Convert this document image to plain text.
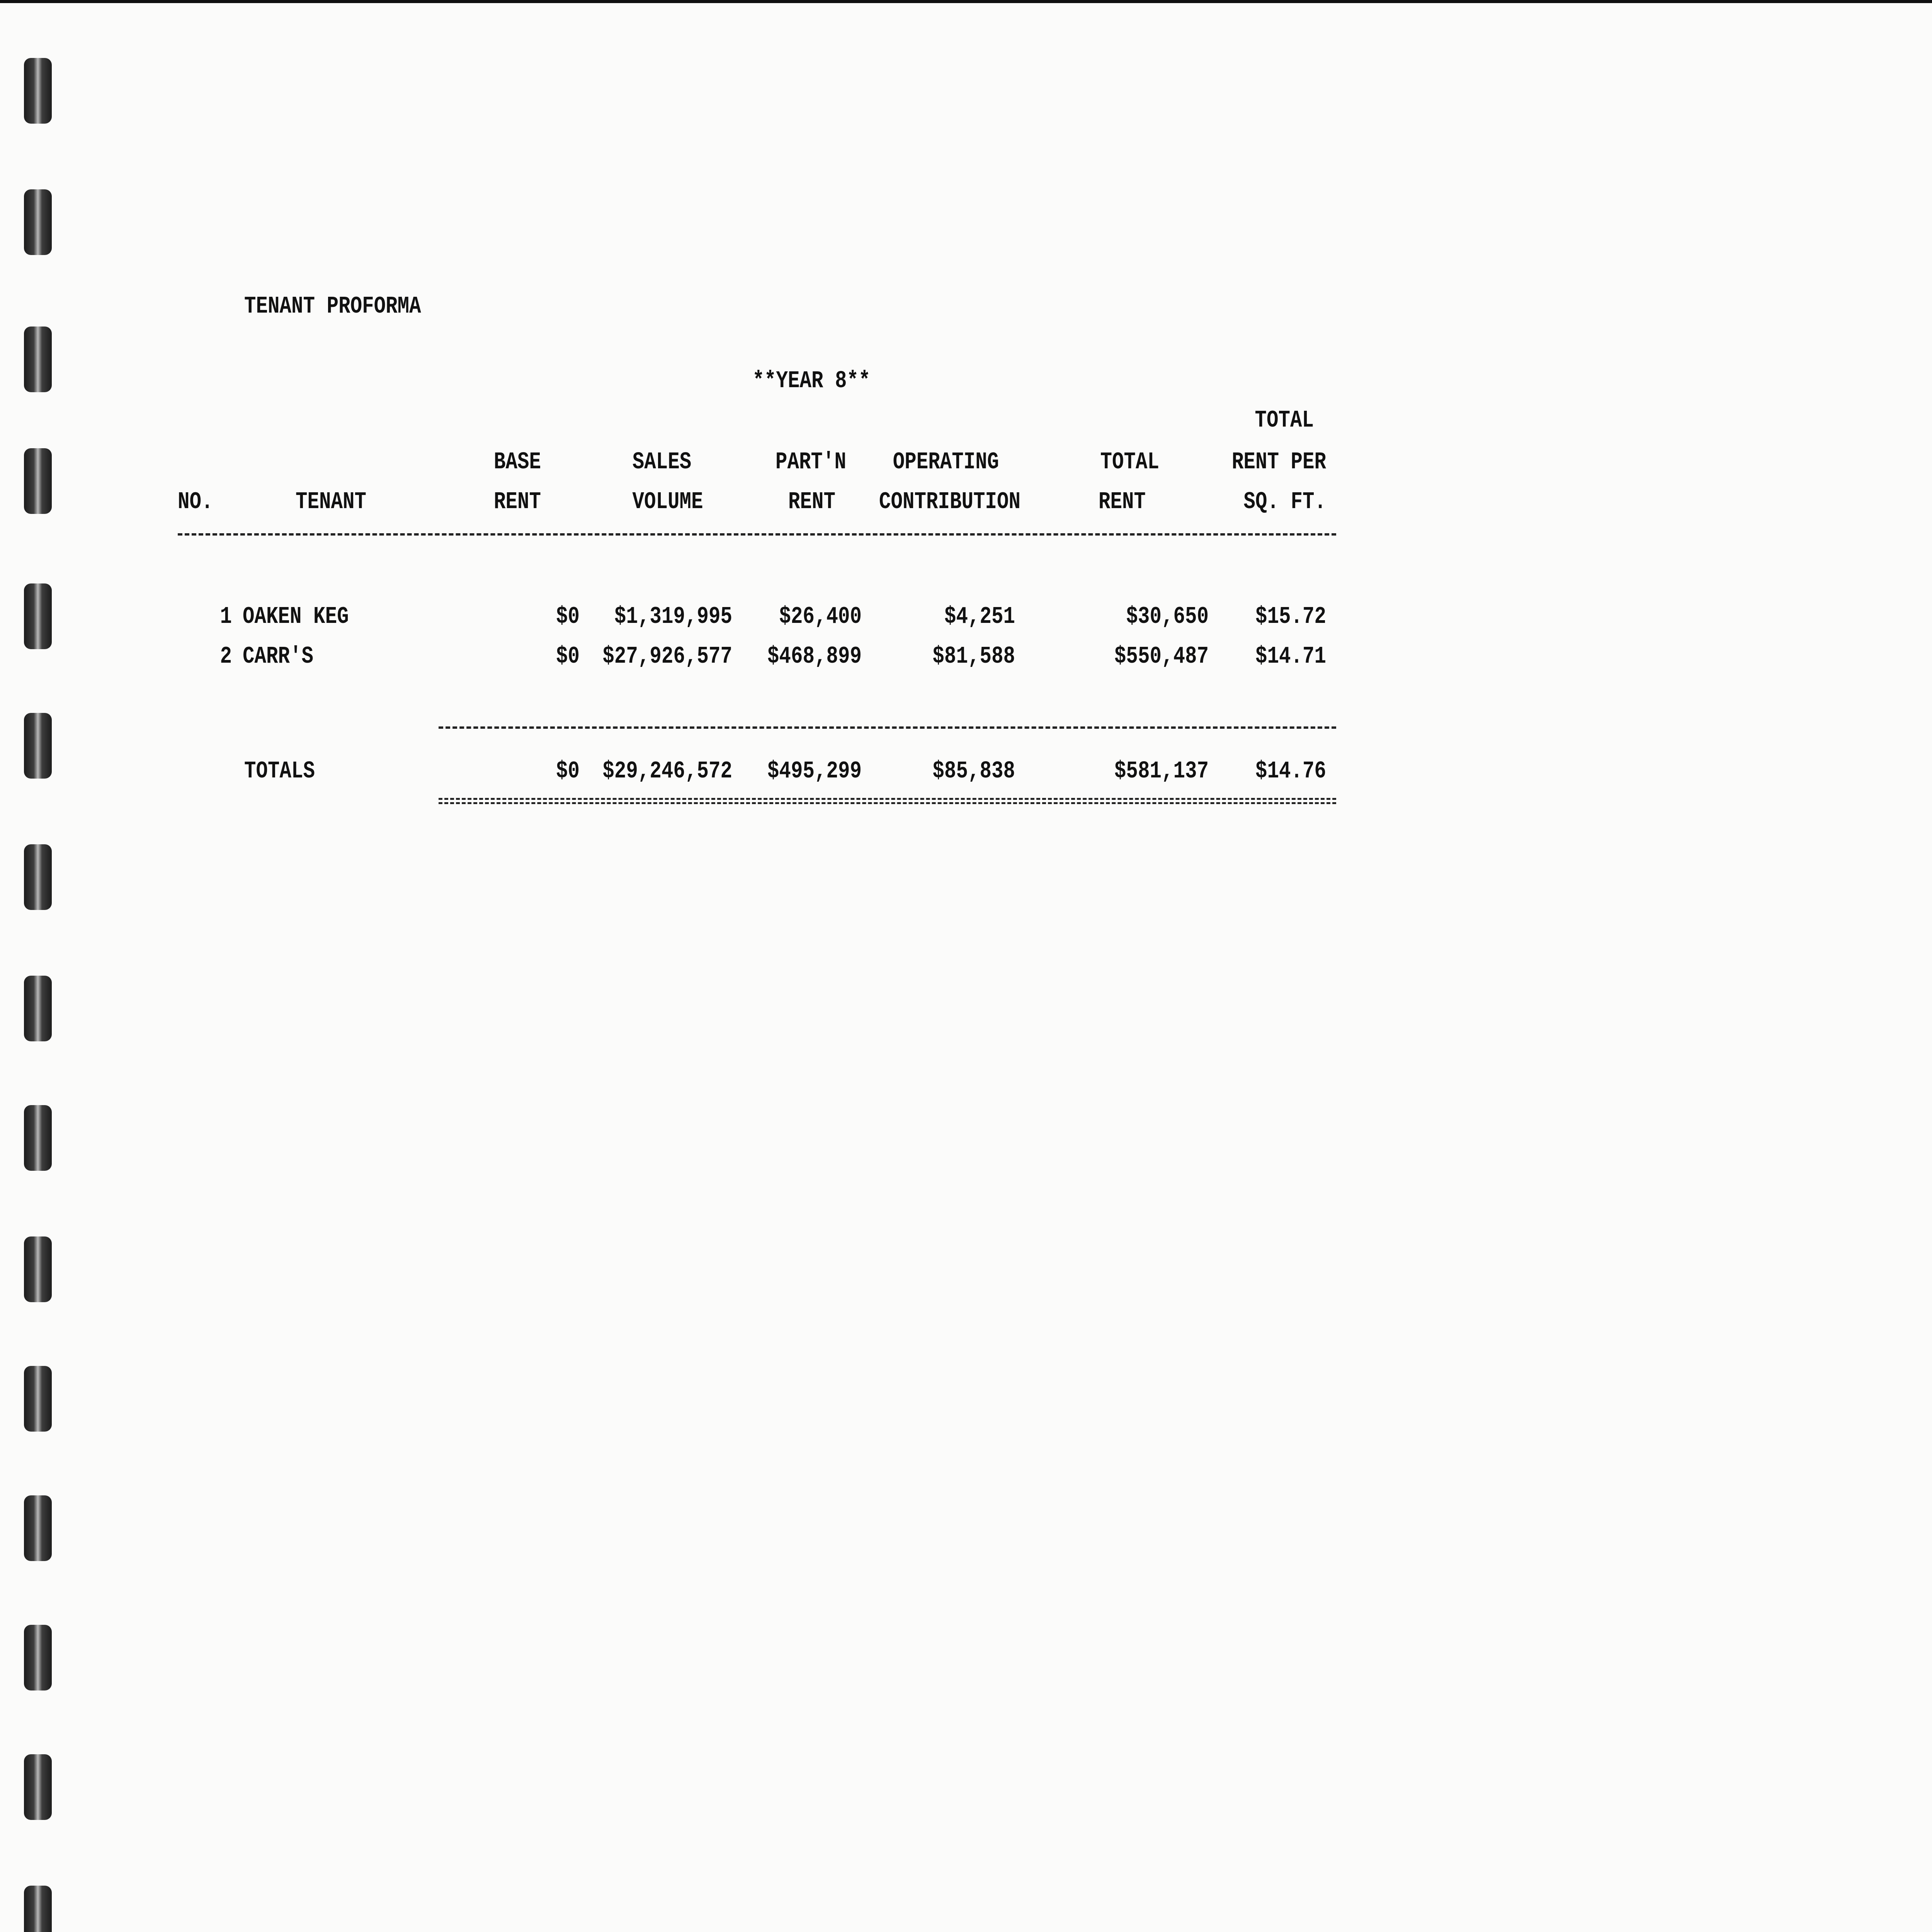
TENANT PROFORMA
**YEAR 8**
TOTAL
BASE	SALES	PART'N	OPERATING	TOTAL	RENT PER
NO.	TENANT	RENT	VOLUME	RENT	CONTRIBUTION	RENT	SQ. FT.
1 OAKEN KEG	$0	$1,319,995	$26,400	$4,251	$30,650	$15.72
2 CARR'S	$0 $27,926,577	$468,899	$81,588	$550,487	$14.71
TOTALS	$0 $29,246,572	$495,299	$85,838	$581,137	$14.76
